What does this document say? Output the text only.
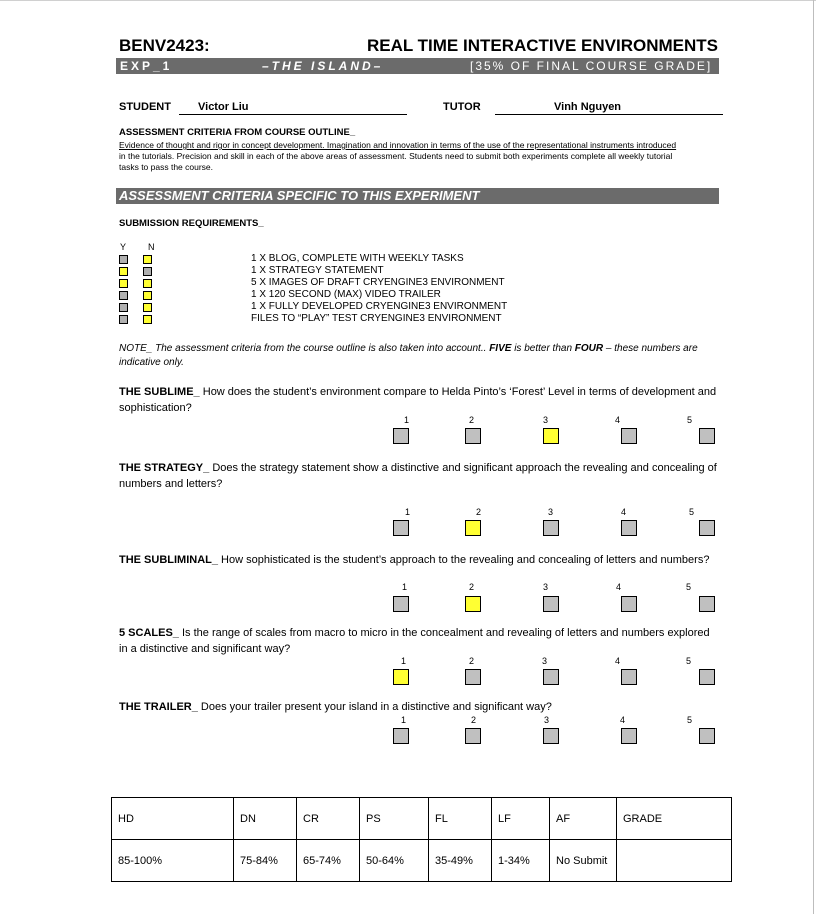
BENV2423:	REAL TIME INTERACTIVE ENVIRONMENTS
EXP_1	–THE ISLAND–	[35% OF FINAL COURSE GRADE]
STUDENT Victor Liu	TUTOR	Vinh Nguyen
ASSESSMENT CRITERIA FROM COURSE OUTLINE_
Evidence of thought and rigor in concept development. Imagination and innovation in terms of the use of the representational instruments introduced
in the tutorials. Precision and skill in each of the above areas of assessment. Students need to submit both experiments complete all weekly tutorial
tasks to pass the course.
ASSESSMENT CRITERIA SPECIFIC TO THIS EXPERIMENT
SUBMISSION REQUIREMENTS_
Y N
1 X BLOG, COMPLETE WITH WEEKLY TASKS
1 X STRATEGY STATEMENT
5 X IMAGES OF DRAFT CRYENGINE3 ENVIRONMENT
1 X 120 SECOND (MAX) VIDEO TRAILER
1 X FULLY DEVELOPED CRYENGINE3 ENVIRONMENT
FILES TO “PLAY” TEST CRYENGINE3 ENVIRONMENT
NOTE_ The assessment criteria from the course outline is also taken into account.. FIVE is better than FOUR – these numbers are
indicative only.
THE SUBLIME_ How does the student’s environment compare to Helda Pinto’s ‘Forest’ Level in terms of development and
sophistication?
1	2	3	4	5
THE STRATEGY_ Does the strategy statement show a distinctive and significant approach the revealing and concealing of
numbers and letters?
1	2	3	4	5
THE SUBLIMINAL_ How sophisticated is the student’s approach to the revealing and concealing of letters and numbers?
1	2	3	4	5
5 SCALES_ Is the range of scales from macro to micro in the concealment and revealing of letters and numbers explored
in a distinctive and significant way?
1	2	3	4	5
THE TRAILER_ Does your trailer present your island in a distinctive and significant way?
1	2	3	4	5
HD	DN	CR	PS	FL	LF	AF	GRADE
85-100%	75-84%	65-74%	50-64%	35-49%	1-34%	No Submit	
